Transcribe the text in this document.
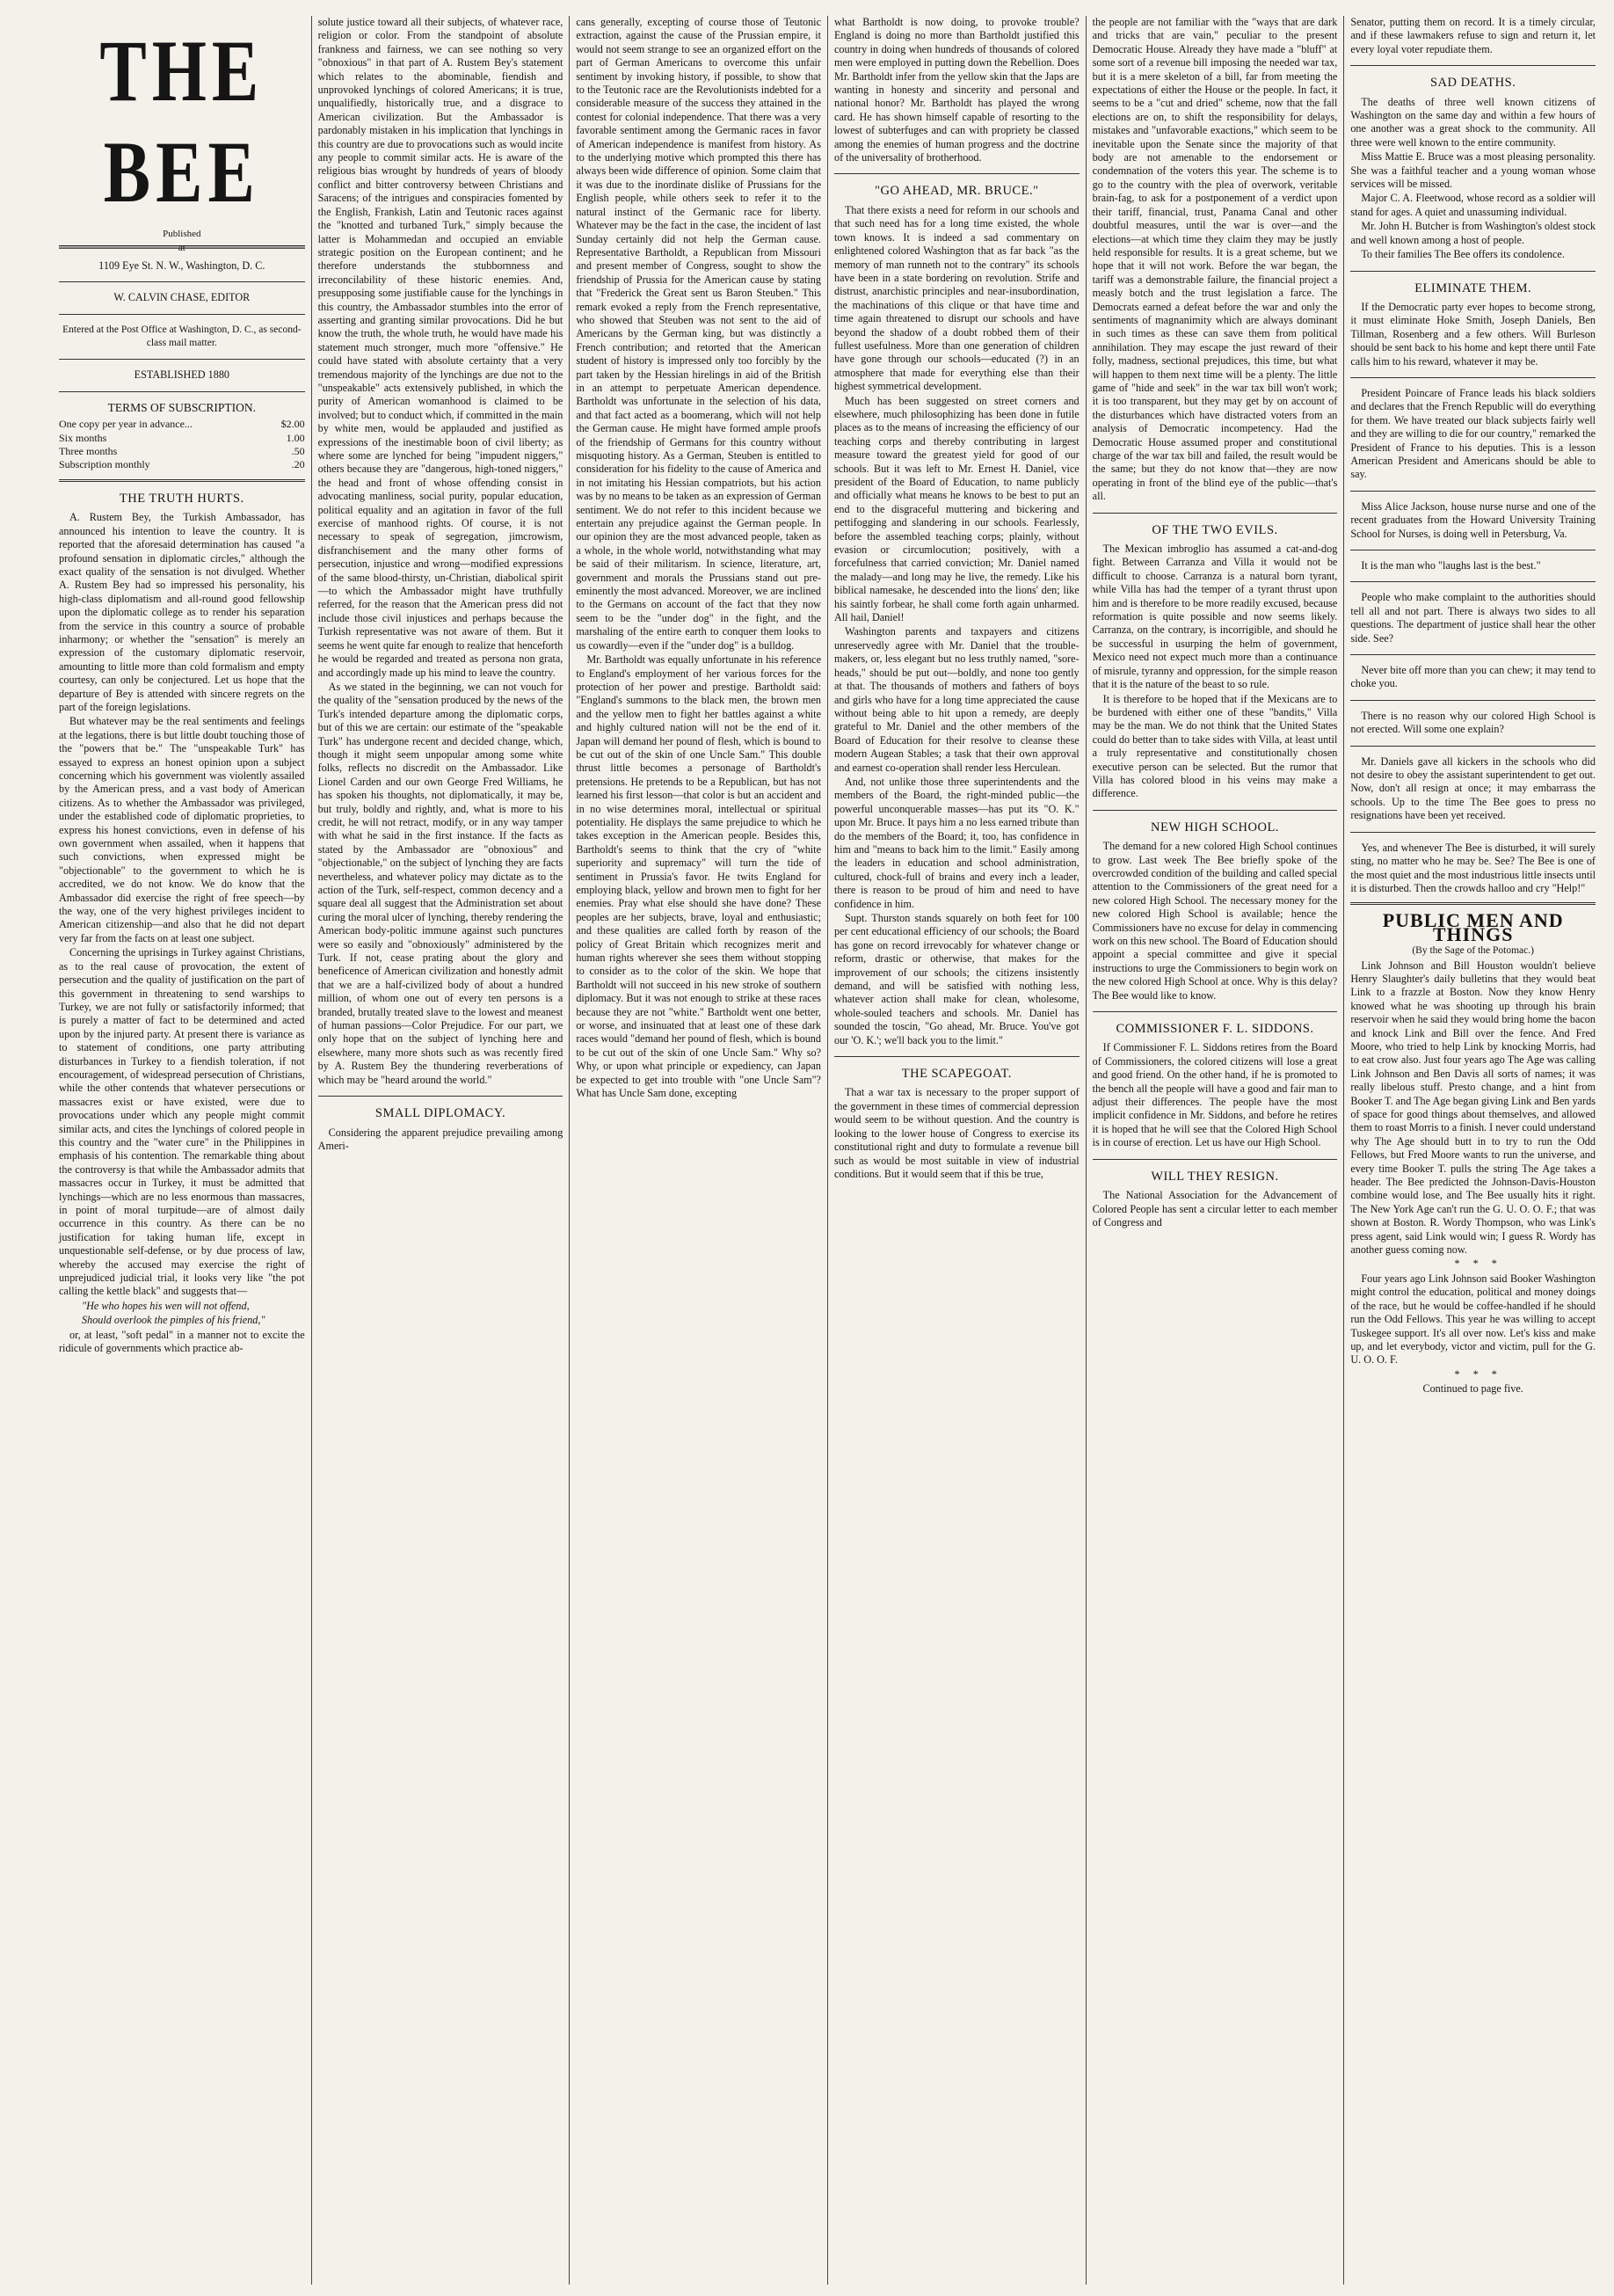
THE BEE

Published

at

1109 Eye St. N. W., Washington, D. C.

W. CALVIN CHASE, EDITOR

Entered at the Post Office at Washington, D. C., as second-class mail matter.

ESTABLISHED 1880

TERMS OF SUBSCRIPTION.

One copy per year in advance...	$2.00
Six months	1.00
Three months	.50
Subscription monthly	.20
THE TRUTH HURTS.

A. Rustem Bey, the Turkish Ambassador, has announced his intention to leave the country. It is reported that the aforesaid determination has caused "a profound sensation in diplomatic circles," although the exact quality of the sensation is not divulged. Whether A. Rustem Bey had so impressed his personality, his high-class diplomatism and all-round good fellowship upon the diplomatic college as to render his separation from the service in this country a source of probable inharmony; or whether the "sensation" is merely an expression of the customary diplomatic reservoir, amounting to little more than cold formalism and empty courtesy, can only be conjectured. Let us hope that the departure of Bey is attended with sincere regrets on the part of the foreign legislations.

But whatever may be the real sentiments and feelings at the legations, there is but little doubt touching those of the "powers that be." The "unspeakable Turk" has essayed to express an honest opinion upon a subject concerning which his government was violently assailed by the American press, and a vast body of American citizens. As to whether the Ambassador was privileged, under the established code of diplomatic proprieties, to express his honest convictions, even in defense of his own government when assailed, when it happens that such convictions, when expressed might be "objectionable" to the government to which he is accredited, we do not know. We do know that the Ambassador did exercise the right of free speech—by the way, one of the very highest privileges incident to American citizenship—and also that he did not depart very far from the facts on at least one subject.

Concerning the uprisings in Turkey against Christians, as to the real cause of provocation, the extent of persecution and the quality of justification on the part of this government in threatening to send warships to Turkey, we are not fully or satisfactorily informed; that is purely a matter of fact to be determined and acted upon by the injured party. At present there is variance as to statement of conditions, one party attributing disturbances in Turkey to a fiendish toleration, if not encouragement, of widespread persecution of Christians, while the other contends that whatever persecutions or massacres exist or have existed, were due to provocations under which any people might commit similar acts, and cites the lynchings of colored people in this country and the "water cure" in the Philippines in emphasis of his contention. The remarkable thing about the controversy is that while the Ambassador admits that massacres occur in Turkey, it must be admitted that lynchings—which are no less enormous than massacres, in point of moral turpitude—are of almost daily occurrence in this country. As there can be no justification for taking human life, except in unquestionable self-defense, or by due process of law, whereby the accused may exercise the right of unprejudiced judicial trial, it looks very like "the pot calling the kettle black" and suggests that—

"He who hopes his wen will not offend,

Should overlook the pimples of his friend,"

or, at least, "soft pedal" in a manner not to excite the ridicule of governments which practice ab-

solute justice toward all their subjects, of whatever race, religion or color. From the standpoint of absolute frankness and fairness, we can see nothing so very "obnoxious" in that part of A. Rustem Bey's statement which relates to the abominable, fiendish and unprovoked lynchings of colored Americans; it is true, unqualifiedly, historically true, and a disgrace to American civilization. But the Ambassador is pardonably mistaken in his implication that lynchings in this country are due to provocations such as would incite any people to commit similar acts. He is aware of the religious bias wrought by hundreds of years of bloody conflict and bitter controversy between Christians and Saracens; of the intrigues and conspiracies fomented by the English, Frankish, Latin and Teutonic races against the "knotted and turbaned Turk," simply because the latter is Mohammedan and occupied an enviable strategic position on the European continent; and he therefore understands the stubbornness and irreconcilability of these historic enemies. And, presupposing some justifiable cause for the lynchings in this country, the Ambassador stumbles into the error of asserting and granting similar provocations. Did he but know the truth, the whole truth, he would have made his statement much stronger, much more "offensive." He could have stated with absolute certainty that a very tremendous majority of the lynchings are due not to the "unspeakable" acts extensively published, in which the purity of American womanhood is claimed to be involved; but to conduct which, if committed in the main by white men, would be applauded and justified as expressions of the inestimable boon of civil liberty; as where some are lynched for being "impudent niggers," others because they are "dangerous, high-toned niggers," the head and front of whose offending consist in advocating manliness, social purity, popular education, political equality and an agitation in favor of the full exercise of manhood rights. Of course, it is not necessary to speak of segregation, jimcrowism, disfranchisement and the many other forms of persecution, injustice and wrong—modified expressions of the same blood-thirsty, un-Christian, diabolical spirit—to which the Ambassador might have truthfully referred, for the reason that the American press did not include those civil injustices and perhaps because the Turkish representative was not aware of them. But it seems he went quite far enough to realize that henceforth he would be regarded and treated as persona non grata, and accordingly made up his mind to leave the country.

As we stated in the beginning, we can not vouch for the quality of the "sensation produced by the news of the Turk's intended departure among the diplomatic corps, but of this we are certain: our estimate of the "speakable Turk" has undergone recent and decided change, which, though it might seem unpopular among some white folks, reflects no discredit on the Ambassador. Like Lionel Carden and our own George Fred Williams, he has spoken his thoughts, not diplomatically, it may be, but truly, boldly and rightly, and, what is more to his credit, he will not retract, modify, or in any way tamper with what he said in the first instance. If the facts as stated by the Ambassador are "obnoxious" and "objectionable," on the subject of lynching they are facts nevertheless, and whatever policy may dictate as to the action of the Turk, self-respect, common decency and a square deal all suggest that the Administration set about curing the moral ulcer of lynching, thereby rendering the American body-politic immune against such punctures were so easily and "obnoxiously" administered by the Turk. If not, cease prating about the glory and beneficence of American civilization and honestly admit that we are a half-civilized body of about a hundred million, of whom one out of every ten persons is a branded, brutally treated slave to the lowest and meanest of human passions—Color Prejudice. For our part, we only hope that on the subject of lynching here and elsewhere, many more shots such as was recently fired by A. Rustem Bey the thundering reverberations of which may be "heard around the world."

SMALL DIPLOMACY.

Considering the apparent prejudice prevailing among Ameri-

cans generally, excepting of course those of Teutonic extraction, against the cause of the Prussian empire, it would not seem strange to see an organized effort on the part of German Americans to overcome this unfair sentiment by invoking history, if possible, to show that to the Teutonic race are the Revolutionists indebted for a considerable measure of the success they attained in the contest for colonial independence. That there was a very favorable sentiment among the Germanic races in favor of American independence is manifest from history. As to the underlying motive which prompted this there has always been wide difference of opinion. Some claim that it was due to the inordinate dislike of Prussians for the English people, while others seek to refer it to the natural instinct of the Germanic race for liberty. Whatever may be the fact in the case, the incident of last Sunday certainly did not help the German cause. Representative Bartholdt, a Republican from Missouri and present member of Congress, sought to show the friendship of Prussia for the American cause by stating that "Frederick the Great sent us Baron Steuben." This remark evoked a reply from the French representative, who showed that Steuben was not sent to the aid of Americans by the German king, but was distinctly a French contribution; and retorted that the American student of history is impressed only too forcibly by the part taken by the Hessian hirelings in aid of the British in an attempt to perpetuate American dependence. Bartholdt was unfortunate in the selection of his data, and that fact acted as a boomerang, which will not help the German cause. He might have formed ample proofs of the friendship of Germans for this country without misquoting history. As a German, Steuben is entitled to consideration for his fidelity to the cause of America and in not imitating his Hessian compatriots, but his action was by no means to be taken as an expression of German sentiment. We do not refer to this incident because we entertain any prejudice against the German people. In our opinion they are the most advanced people, taken as a whole, in the whole world, notwithstanding what may be said of their militarism. In science, literature, art, government and morals the Prussians stand out pre-eminently the most advanced. Moreover, we are inclined to the Germans on account of the fact that they now seem to be the "under dog" in the fight, and the marshaling of the entire earth to conquer them looks to us cowardly—even if the "under dog" is a bulldog.

Mr. Bartholdt was equally unfortunate in his reference to England's employment of her various forces for the protection of her power and prestige. Bartholdt said: "England's summons to the black men, the brown men and the yellow men to fight her battles against a white and highly cultured nation will not be the end of it. Japan will demand her pound of flesh, which is bound to be cut out of the skin of one Uncle Sam." This double thrust little becomes a personage of Bartholdt's pretensions. He pretends to be a Republican, but has not learned his first lesson—that color is but an accident and in no wise determines moral, intellectual or spiritual potentiality. He displays the same prejudice to which he takes exception in the American people. Besides this, Bartholdt's seems to think that the cry of "white superiority and supremacy" will turn the tide of sentiment in Prussia's favor. He twits England for employing black, yellow and brown men to fight for her enemies. Pray what else should she have done? These peoples are her subjects, brave, loyal and enthusiastic; and these qualities are called forth by reason of the policy of Great Britain which recognizes merit and human rights wherever she sees them without stopping to consider as to the color of the skin. We hope that Bartholdt will not succeed in his new stroke of southern diplomacy. But it was not enough to strike at these races because they are not "white." Bartholdt went one better, or worse, and insinuated that at least one of these dark races would "demand her pound of flesh, which is bound to be cut out of the skin of one Uncle Sam." Why so? Why, or upon what principle or expediency, can Japan be expected to get into trouble with "one Uncle Sam"? What has Uncle Sam done, excepting

what Bartholdt is now doing, to provoke trouble? England is doing no more than Bartholdt justified this country in doing when hundreds of thousands of colored men were employed in putting down the Rebellion. Does Mr. Bartholdt infer from the yellow skin that the Japs are wanting in honesty and sincerity and personal and national honor? Mr. Bartholdt has played the wrong card. He has shown himself capable of resorting to the lowest of subterfuges and can with propriety be classed among the enemies of human progress and the doctrine of the universality of brotherhood.

"GO AHEAD, MR. BRUCE."

That there exists a need for reform in our schools and that such need has for a long time existed, the whole town knows. It is indeed a sad commentary on enlightened colored Washington that as far back "as the memory of man runneth not to the contrary" its schools have been in a state bordering on revolution. Strife and distrust, anarchistic principles and near-insubordination, the machinations of this clique or that have time and time again threatened to disrupt our schools and have beyond the shadow of a doubt robbed them of their fullest usefulness. More than one generation of children have gone through our schools—educated (?) in an atmosphere that made for everything else than their highest symmetrical development.

Much has been suggested on street corners and elsewhere, much philosophizing has been done in futile places as to the means of increasing the efficiency of our teaching corps and thereby contributing in largest measure toward the greatest yield for good of our schools. But it was left to Mr. Ernest H. Daniel, vice president of the Board of Education, to name publicly and officially what means he knows to be best to put an end to the disgraceful muttering and bickering and pettifogging and slandering in our schools. Fearlessly, before the assembled teaching corps; plainly, without evasion or circumlocution; positively, with a forcefulness that carried conviction; Mr. Daniel named the malady—and long may he live, the remedy. Like his biblical namesake, he descended into the lions' den; like his saintly forbear, he shall come forth again unharmed. All hail, Daniel!

Washington parents and taxpayers and citizens unreservedly agree with Mr. Daniel that the trouble-makers, or, less elegant but no less truthly named, "sore-heads," should be put out—boldly, and none too gently at that. The thousands of mothers and fathers of boys and girls who have for a long time appreciated the cause without being able to hit upon a remedy, are deeply grateful to Mr. Daniel and the other members of the Board of Education for their resolve to cleanse these modern Augean Stables; a task that their own approval and earnest co-operation shall render less Herculean.

And, not unlike those three superintendents and the members of the Board, the right-minded public—the powerful unconquerable masses—has put its "O. K." upon Mr. Bruce. It pays him a no less earned tribute than do the members of the Board; it, too, has confidence in him and "means to back him to the limit." Easily among the leaders in education and school administration, cultured, chock-full of brains and every inch a leader, there is reason to be proud of him and need to have confidence in him.

Supt. Thurston stands squarely on both feet for 100 per cent educational efficiency of our schools; the Board has gone on record irrevocably for whatever change or reform, drastic or otherwise, that makes for the improvement of our schools; the citizens insistently demand, and will be satisfied with nothing less, whatever action shall make for clean, wholesome, whole-souled teachers and schools. Mr. Daniel has sounded the toscin, "Go ahead, Mr. Bruce. You've got our 'O. K.'; we'll back you to the limit."

THE SCAPEGOAT.

That a war tax is necessary to the proper support of the government in these times of commercial depression would seem to be without question. And the country is looking to the lower house of Congress to exercise its constitutional right and duty to formulate a revenue bill such as would be most suitable in view of industrial conditions. But it would seem that if this be true,

the people are not familiar with the "ways that are dark and tricks that are vain," peculiar to the present Democratic House. Already they have made a "bluff" at some sort of a revenue bill imposing the needed war tax, but it is a mere skeleton of a bill, far from meeting the expectations of either the House or the people. In fact, it seems to be a "cut and dried" scheme, now that the fall elections are on, to shift the responsibility for delays, mistakes and "unfavorable exactions," which seem to be inevitable upon the Senate since the majority of that body are not amenable to the endorsement or condemnation of the voters this year. The scheme is to go to the country with the plea of overwork, veritable brain-fag, to ask for a postponement of a verdict upon their tariff, financial, trust, Panama Canal and other doubtful measures, until the war is over—and the elections—at which time they claim they may be justly held responsible for results. It is a great scheme, but we hope that it will not work. Before the war began, the tariff was a demonstrable failure, the financial project a measly botch and the trust legislation a farce. The Democrats earned a defeat before the war and only the sentiments of magnanimity which are always dominant in such times as these can save them from political annihilation. They may escape the just reward of their folly, madness, sectional prejudices, this time, but what will happen to them next time will be a plenty. The little game of "hide and seek" in the war tax bill won't work; it is too transparent, but they may get by on account of the disturbances which have distracted voters from an analysis of Democratic incompetency. Had the Democratic House assumed proper and constitutional charge of the war tax bill and failed, the result would be the same; but they do not know that—they are now operating in front of the blind eye of the public—that's all.

OF THE TWO EVILS.

The Mexican imbroglio has assumed a cat-and-dog fight. Between Carranza and Villa it would not be difficult to choose. Carranza is a natural born tyrant, while Villa has had the temper of a tyrant thrust upon him and is therefore to be more readily excused, because reformation is quite possible and now seems likely. Carranza, on the contrary, is incorrigible, and should he be successful in usurping the helm of government, Mexico need not expect much more than a continuance of misrule, tyranny and oppression, for the simple reason that it is the nature of the beast to so rule.

It is therefore to be hoped that if the Mexicans are to be burdened with either one of these "bandits," Villa may be the man. We do not think that the United States could do better than to take sides with Villa, at least until a truly representative and constitutionally chosen executive person can be selected. But the rumor that Villa has colored blood in his veins may make a difference.

NEW HIGH SCHOOL.

The demand for a new colored High School continues to grow. Last week The Bee briefly spoke of the overcrowded condition of the building and called special attention to the Commissioners of the great need for a new colored High School. The necessary money for the new colored High School is available; hence the Commissioners have no excuse for delay in commencing work on this new school. The Board of Education should appoint a special committee and give it special instructions to urge the Commissioners to begin work on the new colored High School at once. Why is this delay? The Bee would like to know.

COMMISSIONER F. L. SIDDONS.

If Commissioner F. L. Siddons retires from the Board of Commissioners, the colored citizens will lose a great and good friend. On the other hand, if he is promoted to the bench all the people will have a good and fair man to adjust their differences. The people have the most implicit confidence in Mr. Siddons, and before he retires it is hoped that he will see that the Colored High School is in course of erection. Let us have our High School.

WILL THEY RESIGN.

The National Association for the Advancement of Colored People has sent a circular letter to each member of Congress and

Senator, putting them on record. It is a timely circular, and if these lawmakers refuse to sign and return it, let every loyal voter repudiate them.

SAD DEATHS.

The deaths of three well known citizens of Washington on the same day and within a few hours of one another was a great shock to the community. All three were well known to the entire community.

Miss Mattie E. Bruce was a most pleasing personality. She was a faithful teacher and a young woman whose services will be missed.

Major C. A. Fleetwood, whose record as a soldier will stand for ages. A quiet and unassuming individual.

Mr. John H. Butcher is from Washington's oldest stock and well known among a host of people.

To their families The Bee offers its condolence.

ELIMINATE THEM.

If the Democratic party ever hopes to become strong, it must eliminate Hoke Smith, Joseph Daniels, Ben Tillman, Rosenberg and a few others. Will Burleson should be sent back to his home and kept there until Fate calls him to his reward, whatever it may be.

President Poincare of France leads his black soldiers and declares that the French Republic will do everything for them. We have treated our black subjects fairly well and they are willing to die for our country," remarked the President of France to his deputies. This is a lesson American President and Americans should be able to say.

Miss Alice Jackson, house nurse nurse and one of the recent graduates from the Howard University Training School for Nurses, is doing well in Petersburg, Va.

It is the man who "laughs last is the best."

People who make complaint to the authorities should tell all and not part. There is always two sides to all questions. The department of justice shall hear the other side. See?

Never bite off more than you can chew; it may tend to choke you.

There is no reason why our colored High School is not erected. Will some one explain?

Mr. Daniels gave all kickers in the schools who did not desire to obey the assistant superintendent to get out. Now, don't all resign at once; it may embarrass the schools. Up to the time The Bee goes to press no resignations have been yet received.

Yes, and whenever The Bee is disturbed, it will surely sting, no matter who he may be. See? The Bee is one of the most quiet and the most industrious little insects until it is disturbed. Then the crowds halloo and cry "Help!"

PUBLIC MEN AND THINGS

(By the Sage of the Potomac.)

Link Johnson and Bill Houston wouldn't believe Henry Slaughter's daily bulletins that they would beat Link to a frazzle at Boston. Now they know Henry knowed what he was shooting up through his brain reservoir when he said they would bring home the bacon and knock Link and Bill over the fence. And Fred Moore, who tried to help Link by knocking Morris, had to eat crow also. Just four years ago The Age was calling Link Johnson and Ben Davis all sorts of names; it was really libelous stuff. Presto change, and a hint from Booker T. and The Age began giving Link and Ben yards of space for good things about themselves, and allowed them to roast Morris to a finish. I never could understand why The Age should butt in to try to run the Odd Fellows, but Fred Moore wants to run the universe, and every time Booker T. pulls the string The Age takes a header. The Bee predicted the Johnson-Davis-Houston combine would lose, and The Bee usually hits it right. The New York Age can't run the G. U. O. O. F.; that was shown at Boston. R. Wordy Thompson, who was Link's press agent, said Link would win; I guess R. Wordy has another guess coming now.

* * *

Four years ago Link Johnson said Booker Washington might control the education, political and money doings of the race, but he would be coffee-handled if he should run the Odd Fellows. This year he was willing to accept Tuskegee support. It's all over now. Let's kiss and make up, and let everybody, victor and victim, pull for the G. U. O. O. F.

* * *

Continued to page five.
